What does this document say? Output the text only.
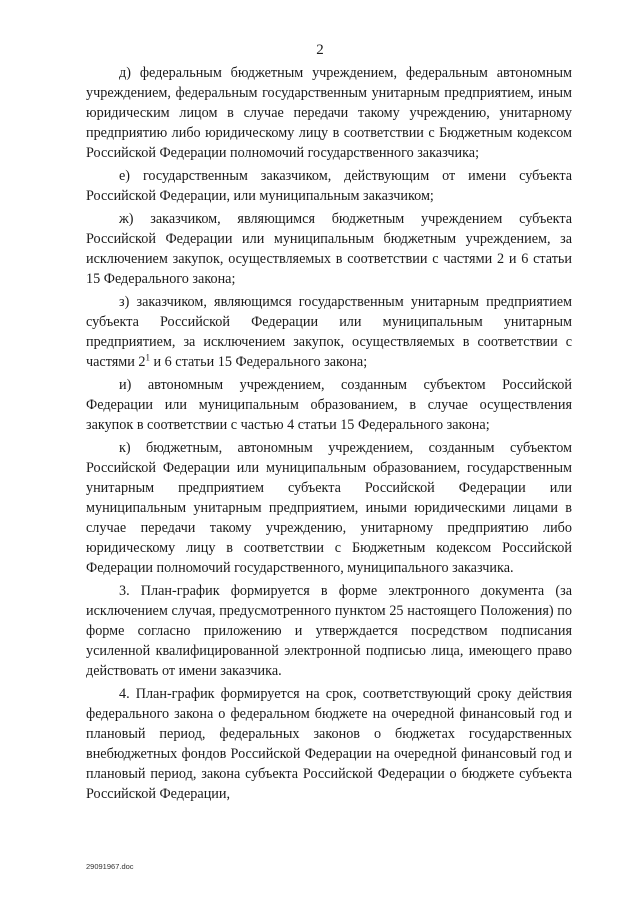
2

д) федеральным бюджетным учреждением, федеральным автономным учреждением, федеральным государственным унитарным предприятием, иным юридическим лицом в случае передачи такому учреждению, унитарному предприятию либо юридическому лицу в соответствии с Бюджетным кодексом Российской Федерации полномочий государственного заказчика;

е) государственным заказчиком, действующим от имени субъекта Российской Федерации, или муниципальным заказчиком;

ж) заказчиком, являющимся бюджетным учреждением субъекта Российской Федерации или муниципальным бюджетным учреждением, за исключением закупок, осуществляемых в соответствии с частями 2 и 6 статьи 15 Федерального закона;

з) заказчиком, являющимся государственным унитарным предприятием субъекта Российской Федерации или муниципальным унитарным предприятием, за исключением закупок, осуществляемых в соответствии с частями $2^1$ и 6 статьи 15 Федерального закона;

и) автономным учреждением, созданным субъектом Российской Федерации или муниципальным образованием, в случае осуществления закупок в соответствии с частью 4 статьи 15 Федерального закона;

к) бюджетным, автономным учреждением, созданным субъектом Российской Федерации или муниципальным образованием, государственным унитарным предприятием субъекта Российской Федерации или муниципальным унитарным предприятием, иными юридическими лицами в случае передачи такому учреждению, унитарному предприятию либо юридическому лицу в соответствии с Бюджетным кодексом Российской Федерации полномочий государственного, муниципального заказчика.

3. План-график формируется в форме электронного документа (за исключением случая, предусмотренного пунктом 25 настоящего Положения) по форме согласно приложению и утверждается посредством подписания усиленной квалифицированной электронной подписью лица, имеющего право действовать от имени заказчика.

4. План-график формируется на срок, соответствующий сроку действия федерального закона о федеральном бюджете на очередной финансовый год и плановый период, федеральных законов о бюджетах государственных внебюджетных фондов Российской Федерации на очередной финансовый год и плановый период, закона субъекта Российской Федерации о бюджете субъекта Российской Федерации,

29091967.doc
